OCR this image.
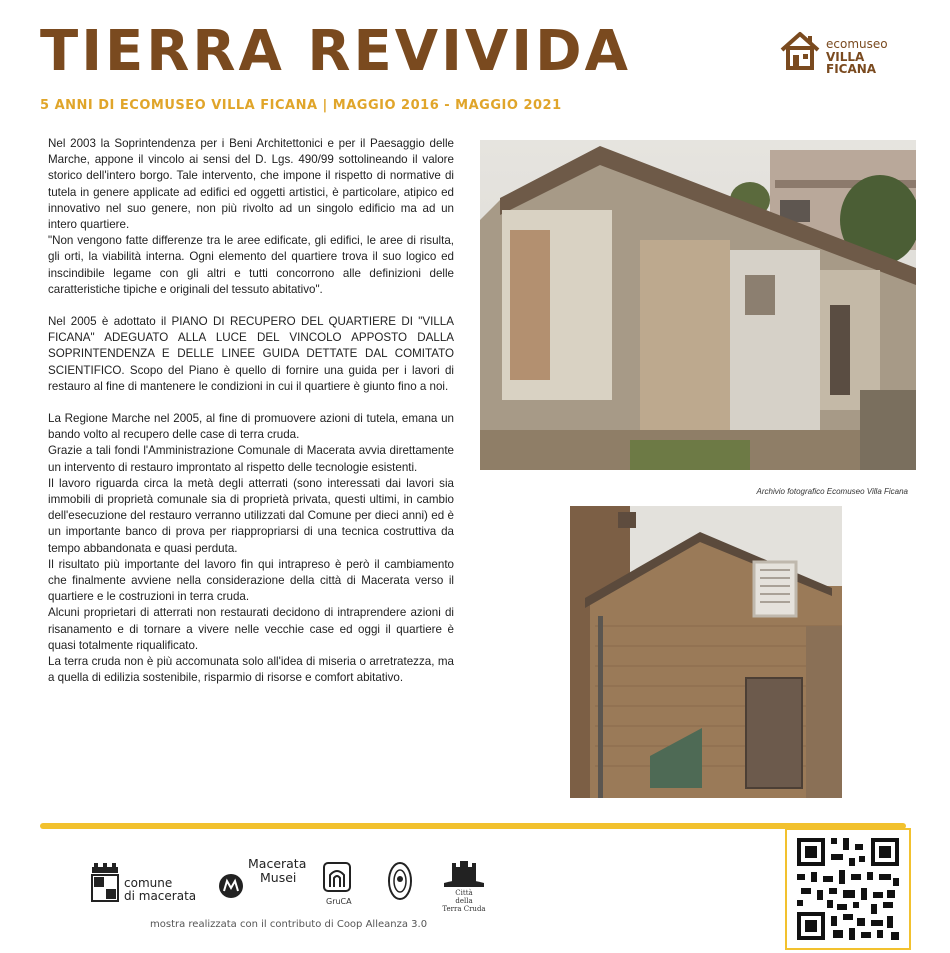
TIERRA REVIVIDA
5 ANNI DI ECOMUSEO VILLA FICANA | MAGGIO 2016 - MAGGIO 2021
ecomuseo
VILLA FICANA

Nel 2003 la Soprintendenza per i Beni Architettonici e per il Paesaggio delle Marche, appone il vincolo ai sensi del D. Lgs. 490/99 sottolineando il valore storico dell'intero borgo. Tale intervento, che impone il rispetto di normative di tutela in genere applicate ad edifici ed oggetti artistici, è particolare, atipico ed innovativo nel suo genere, non più rivolto ad un singolo edificio ma ad un intero quartiere.

"Non vengono fatte differenze tra le aree edificate, gli edifici, le aree di risulta, gli orti, la viabilità interna. Ogni elemento del quartiere trova il suo logico ed inscindibile legame con gli altri e tutti concorrono alle definizioni delle caratteristiche tipiche e originali del tessuto abitativo".

Nel 2005 è adottato il PIANO DI RECUPERO DEL QUARTIERE DI "VILLA FICANA" ADEGUATO ALLA LUCE DEL VINCOLO APPOSTO DALLA SOPRINTENDENZA E DELLE LINEE GUIDA DETTATE DAL COMITATO SCIENTIFICO. Scopo del Piano è quello di fornire una guida per i lavori di restauro al fine di mantenere le condizioni in cui il quartiere è giunto fino a noi.

La Regione Marche nel 2005, al fine di promuovere azioni di tutela, emana un bando volto al recupero delle case di terra cruda.

Grazie a tali fondi l'Amministrazione Comunale di Macerata avvia direttamente un intervento di restauro improntato al rispetto delle tecnologie esistenti.

Il lavoro riguarda circa la metà degli atterrati (sono interessati dai lavori sia immobili di proprietà comunale sia di proprietà privata, questi ultimi, in cambio dell'esecuzione del restauro verranno utilizzati dal Comune per dieci anni) ed è un importante banco di prova per riappropriarsi di una tecnica costruttiva da tempo abbandonata e quasi perduta.

Il risultato più importante del lavoro fin qui intrapreso è però il cambiamento che finalmente avviene nella considerazione della città di Macerata verso il quartiere e le costruzioni in terra cruda.

Alcuni proprietari di atterrati non restaurati decidono di intraprendere azioni di risanamento e di tornare a vivere nelle vecchie case ed oggi il quartiere è quasi totalmente riqualificato.

La terra cruda non è più accomunata solo all'idea di miseria o arretratezza, ma a quella di edilizia sostenibile, risparmio di risorse e comfort abitativo.

Archivio fotografico Ecomuseo Villa Ficana
comune
di macerata
Macerata
Musei
GruCA
Città
della
Terra Cruda
mostra realizzata con il contributo di Coop Alleanza 3.0
